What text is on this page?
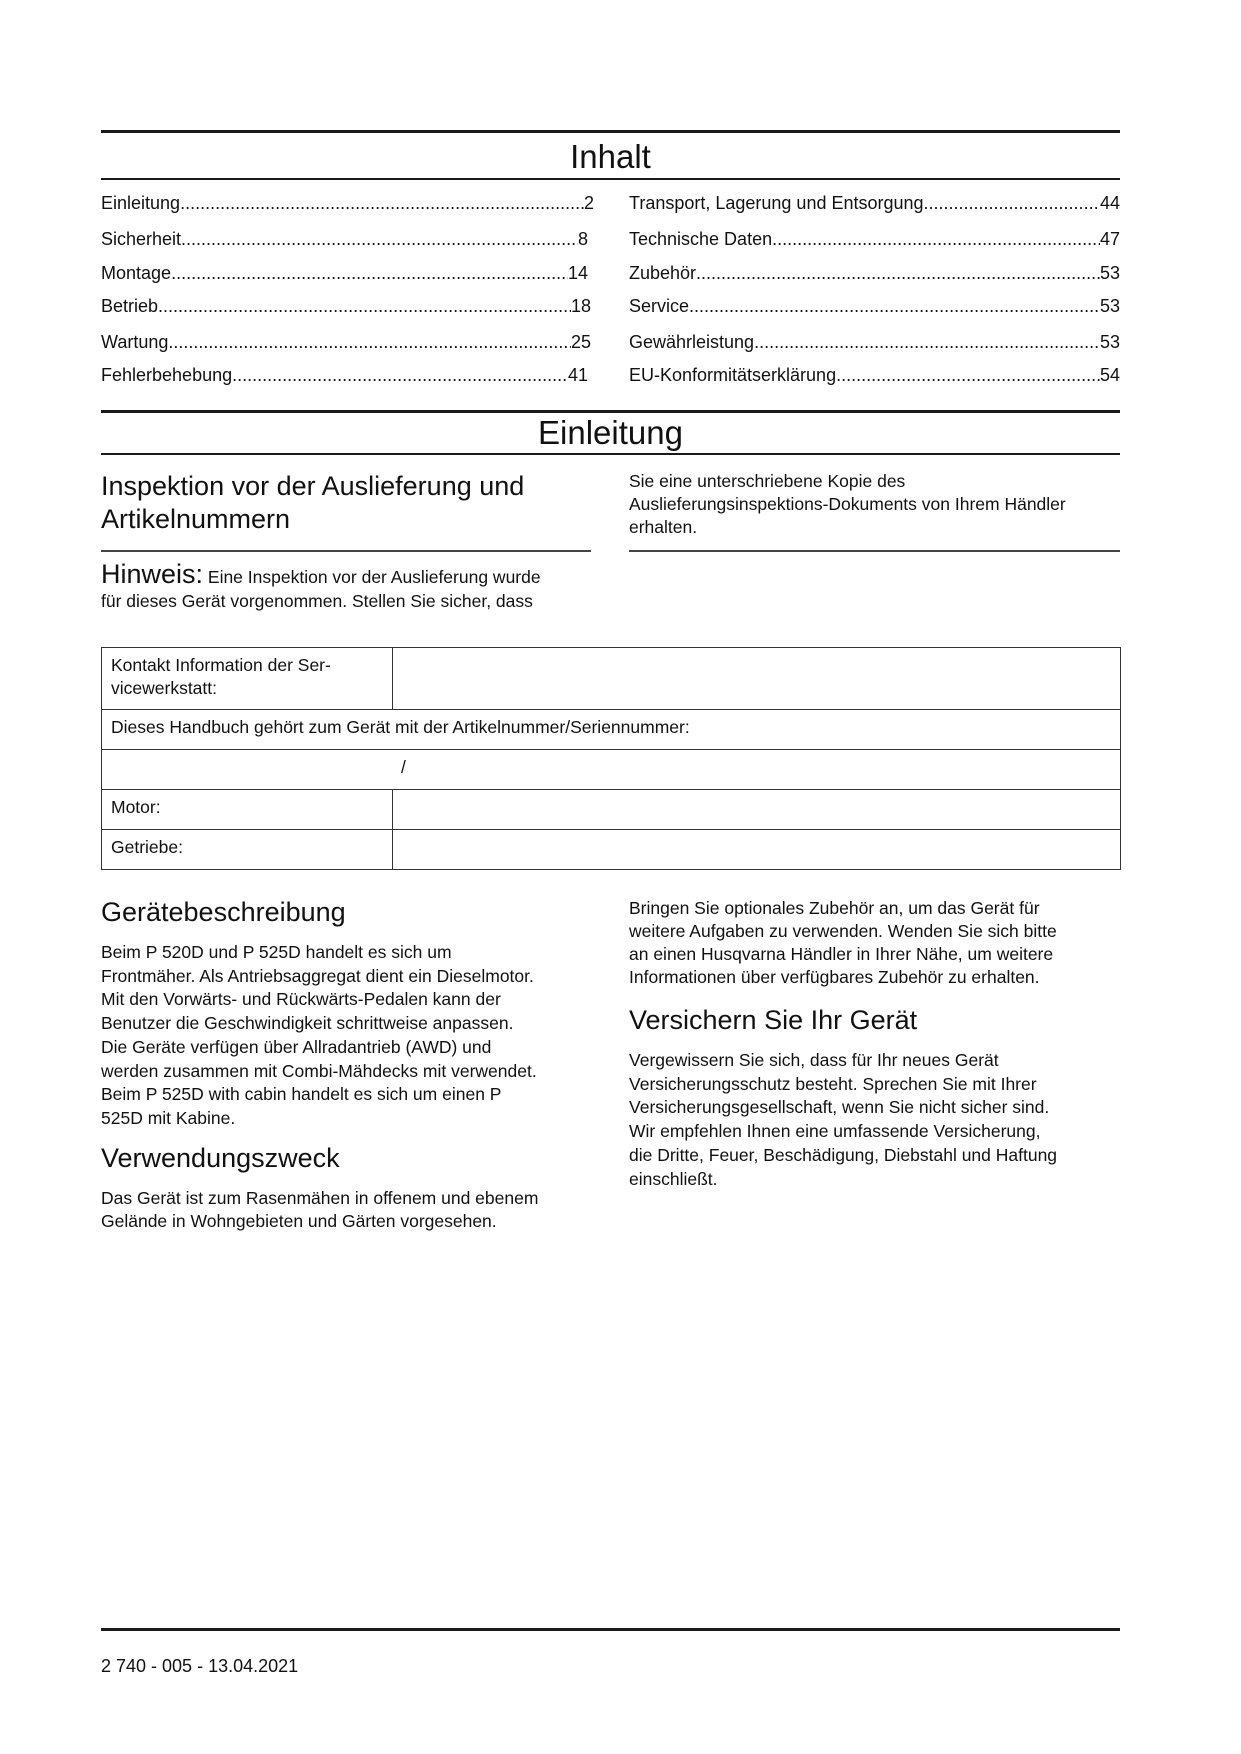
Inhalt
Einleitung .....	2
Sicherheit .....	8
Montage .....	14
Betrieb .....	18
Wartung .....	25
Fehlerbehebung .....	41
Transport, Lagerung und Entsorgung .....	44
Technische Daten .....	47
Zubehör .....	53
Service .....	53
Gewährleistung .....	53
EU-Konformitätserklärung .....	54
Einleitung
Inspektion vor der Auslieferung und
Artikelnummern
Sie eine unterschriebene Kopie des
Auslieferungsinspektions-Dokuments von Ihrem Händler
erhalten.
Hinweis: Eine Inspektion vor der Auslieferung wurde
für dieses Gerät vorgenommen. Stellen Sie sicher, dass
Kontakt Information der Ser-
vicewerkstatt:	

Dieses Handbuch gehört zum Gerät mit der Artikelnummer/Seriennummer:	
/	
Motor:	
Getriebe:	
Gerätebeschreibung
Beim P 520D und P 525D handelt es sich um
Frontmäher. Als Antriebsaggregat dient ein Dieselmotor.
Mit den Vorwärts- und Rückwärts-Pedalen kann der
Benutzer die Geschwindigkeit schrittweise anpassen.
Die Geräte verfügen über Allradantrieb (AWD) und
werden zusammen mit Combi-Mähdecks mit verwendet.
Beim P 525D with cabin handelt es sich um einen P
525D mit Kabine.
Verwendungszweck
Das Gerät ist zum Rasenmähen in offenem und ebenem
Gelände in Wohngebieten und Gärten vorgesehen.
Bringen Sie optionales Zubehör an, um das Gerät für
weitere Aufgaben zu verwenden. Wenden Sie sich bitte
an einen Husqvarna Händler in Ihrer Nähe, um weitere
Informationen über verfügbares Zubehör zu erhalten.
Versichern Sie Ihr Gerät
Vergewissern Sie sich, dass für Ihr neues Gerät
Versicherungsschutz besteht. Sprechen Sie mit Ihrer
Versicherungsgesellschaft, wenn Sie nicht sicher sind.
Wir empfehlen Ihnen eine umfassende Versicherung,
die Dritte, Feuer, Beschädigung, Diebstahl und Haftung
einschließt.
2 740 - 005 - 13.04.2021
